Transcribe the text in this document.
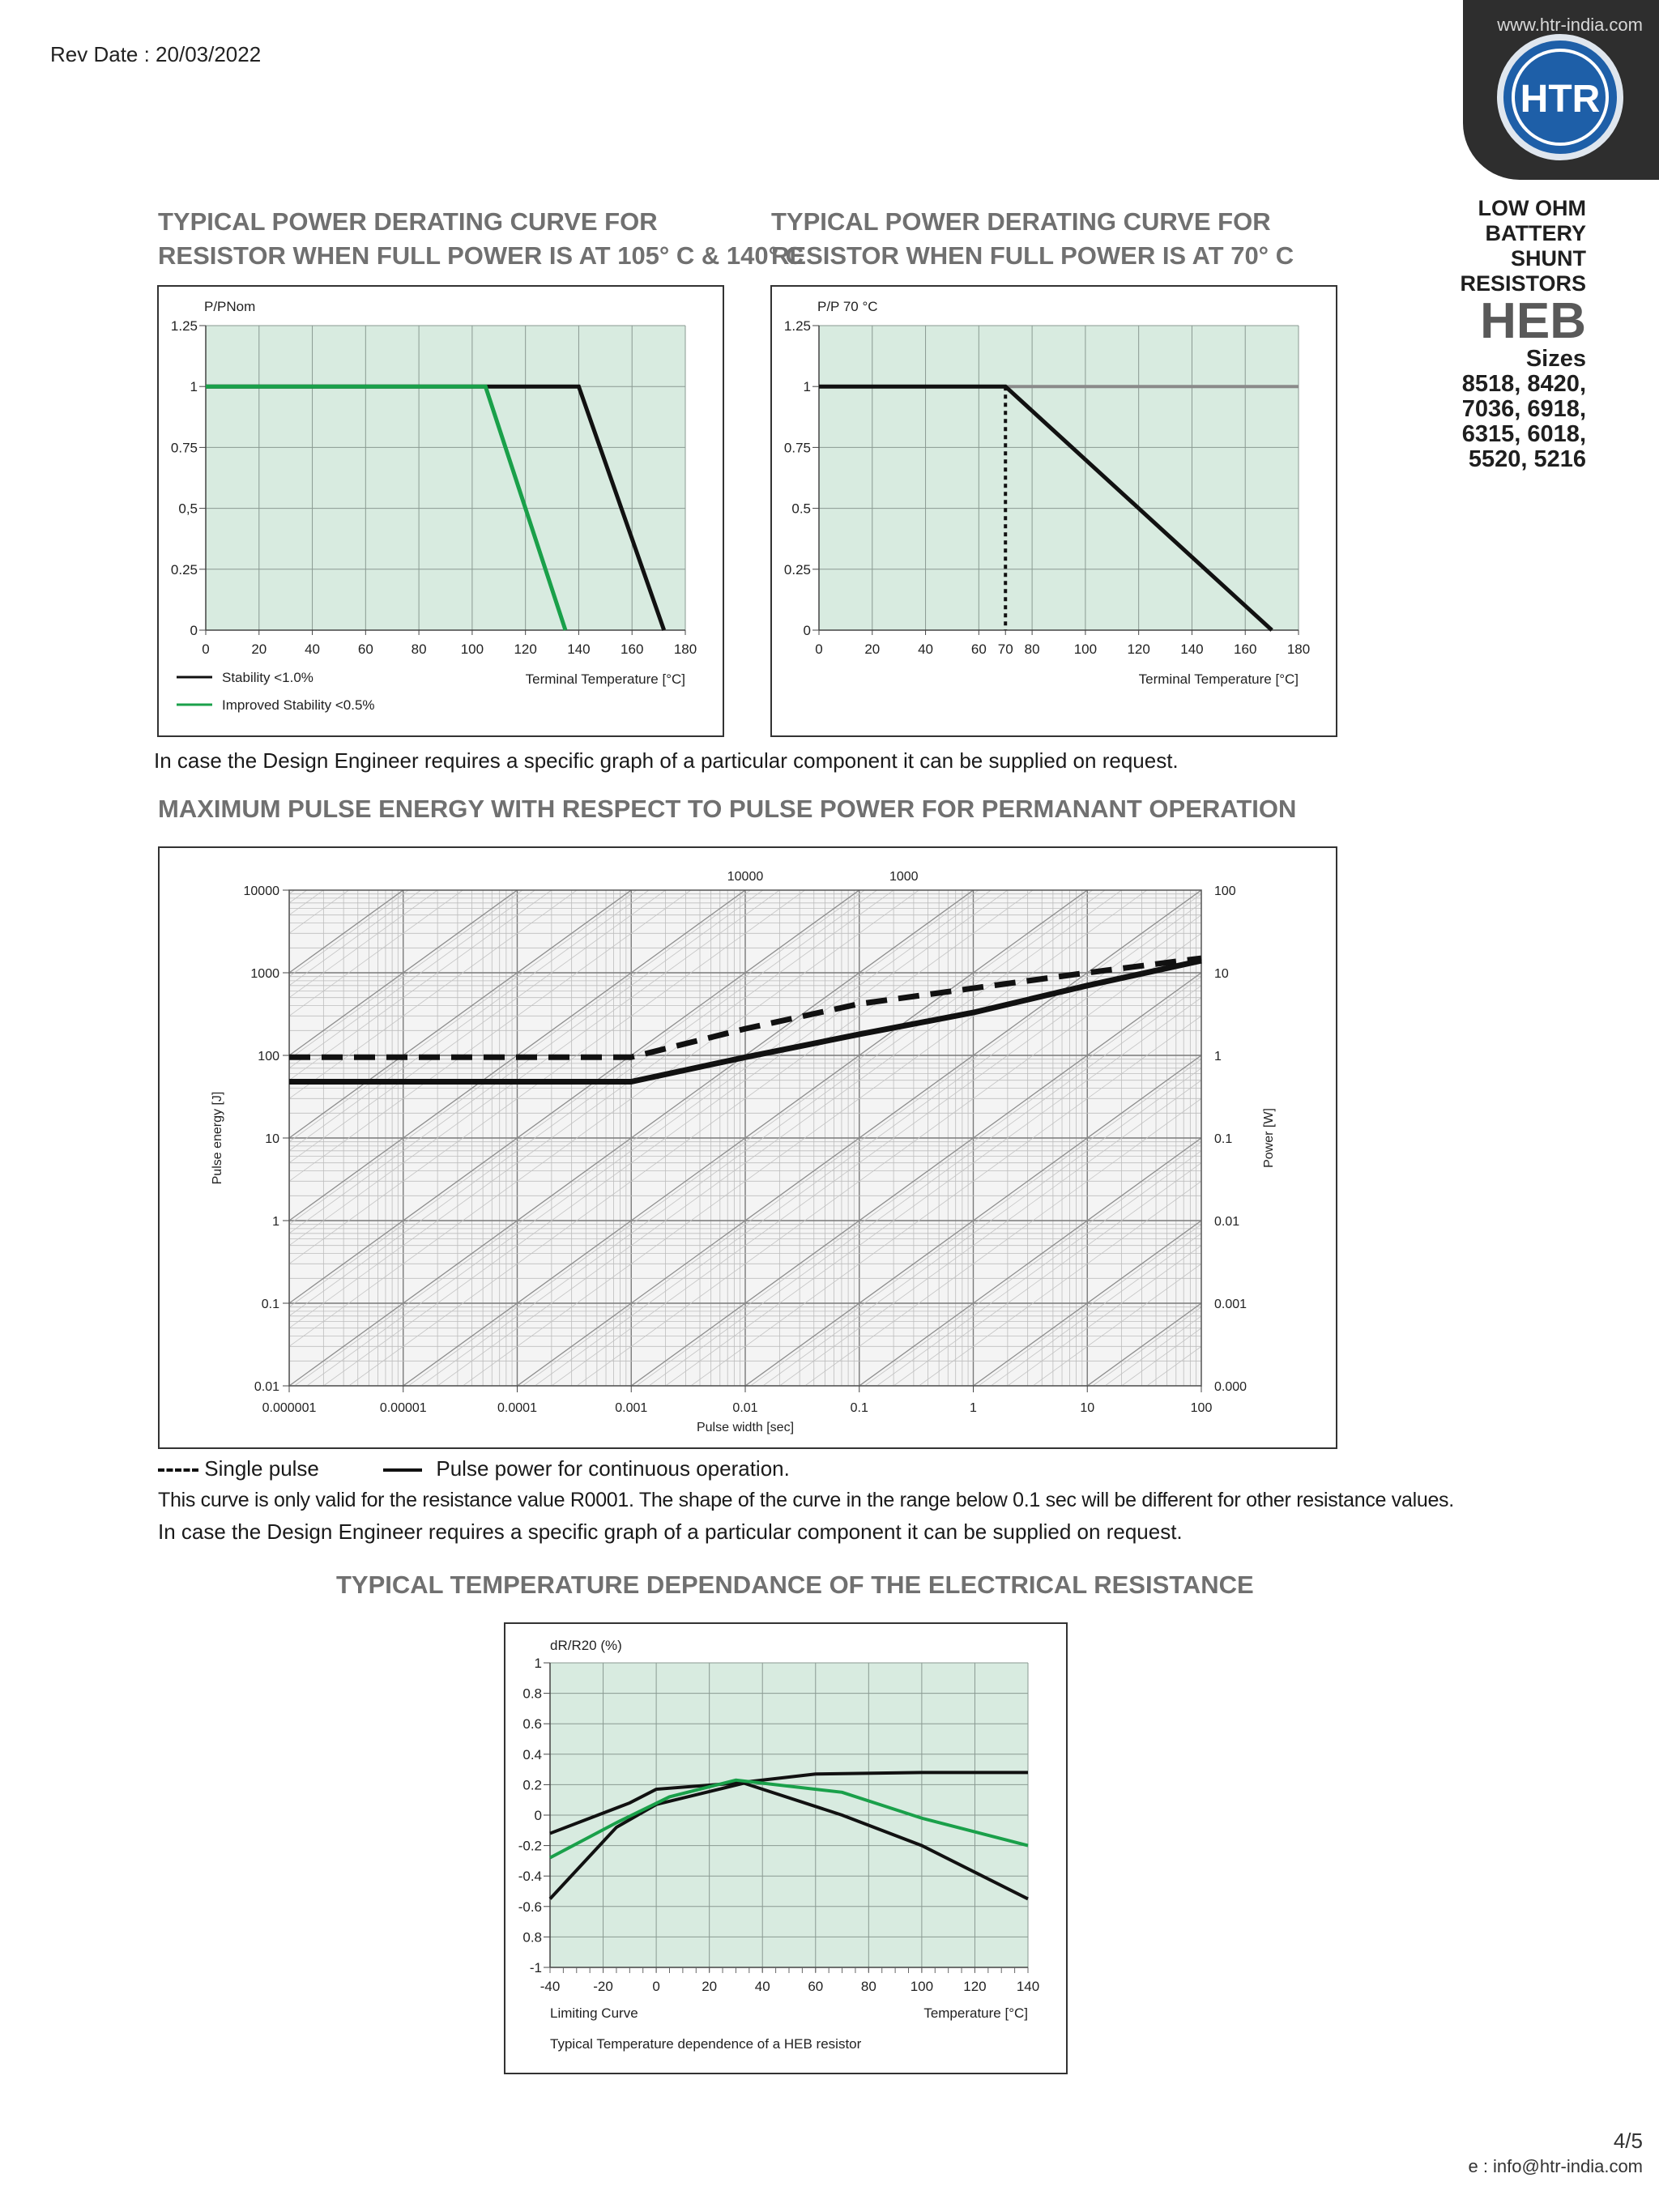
Rev Date : 20/03/2022
www.htr-india.com
HTR
LOW OHM
BATTERY
SHUNT
RESISTORS
HEB
Sizes
8518, 8420,
7036, 6918,
6315, 6018,
5520, 5216
TYPICAL POWER DERATING CURVE FOR
RESISTOR WHEN FULL POWER IS AT 105° C & 140° C
TYPICAL POWER DERATING CURVE FOR
RESISTOR WHEN FULL POWER IS AT 70° C
0	20	40	60	80 100 120 140 160 180
0
0.25
0,5
0.75
1
1.25
P/PNom
Terminal Temperature [°C]
Stability <1.0%
Improved Stability <0.5%
0	20	40	60 70 80 100 120 140 160 180
0
0.25
0.5
0.75
1
1.25
P/P 70 °C
Terminal Temperature [°C]
In case the Design Engineer requires a specific graph of a particular component it can be supplied on request.
MAXIMUM PULSE ENERGY WITH RESPECT TO PULSE POWER FOR PERMANANT OPERATION
0.000001	0.00001	0.0001	0.001	0.01	0.1	1	10	100
0.01
0.1
1
10
100
1000
10000
0.000
0.001
0.01
0.1
1
10
100
10000	1000
Pulse width [sec]
Pulse energy [J]	Power [W]
Single pulse	Pulse power for continuous operation.
This curve is only valid for the resistance value R0001. The shape of the curve in the range below 0.1 sec will be different for other resistance values.
In case the Design Engineer requires a specific graph of a particular component it can be supplied on request.
TYPICAL TEMPERATURE DEPENDANCE OF THE ELECTRICAL RESISTANCE
-40 -20	0	20	40	60	80 100 120 140
-1
0.8
-0.6
-0.4
-0.2
0
0.2
0.4
0.6
0.8
1
dR/R20 (%)
Limiting Curve	Temperature [°C]
Typical Temperature dependence of a HEB resistor
4/5
e : info@htr-india.com
